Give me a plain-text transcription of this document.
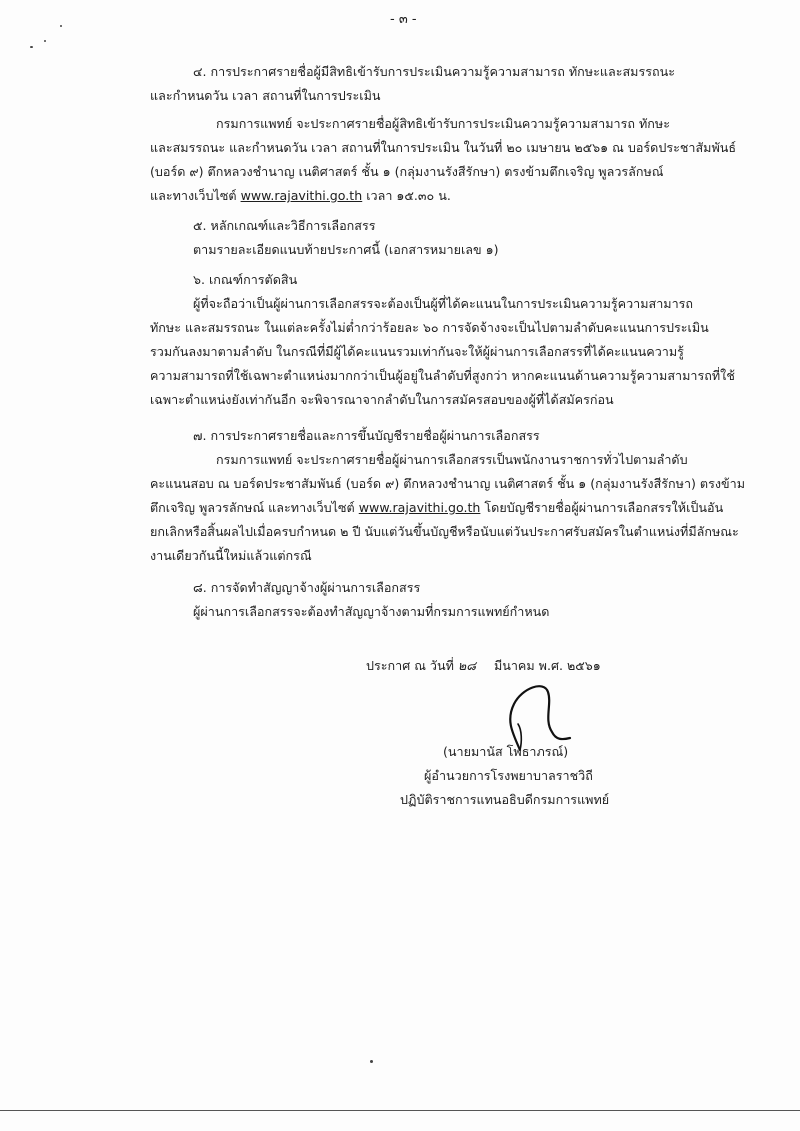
- ๓ -
๔. การประกาศรายชื่อผู้มีสิทธิเข้ารับการประเมินความรู้ความสามารถ ทักษะและสมรรถนะ
และกำหนดวัน เวลา สถานที่ในการประเมิน
กรมการแพทย์ จะประกาศรายชื่อผู้สิทธิเข้ารับการประเมินความรู้ความสามารถ ทักษะ
และสมรรถนะ และกำหนดวัน เวลา สถานที่ในการประเมิน ในวันที่ ๒๐ เมษายน ๒๕๖๑ ณ บอร์ดประชาสัมพันธ์
(บอร์ด ๙) ตึกหลวงชำนาญ เนติศาสตร์ ชั้น ๑ (กลุ่มงานรังสีรักษา) ตรงข้ามตึกเจริญ พูลวรลักษณ์
และทางเว็บไซต์ www.rajavithi.go.th เวลา ๑๕.๓๐ น.
๕. หลักเกณฑ์และวิธีการเลือกสรร
ตามรายละเอียดแนบท้ายประกาศนี้ (เอกสารหมายเลข ๑)
๖. เกณฑ์การตัดสิน
ผู้ที่จะถือว่าเป็นผู้ผ่านการเลือกสรรจะต้องเป็นผู้ที่ได้คะแนนในการประเมินความรู้ความสามารถ
ทักษะ และสมรรถนะ ในแต่ละครั้งไม่ต่ำกว่าร้อยละ ๖๐ การจัดจ้างจะเป็นไปตามลำดับคะแนนการประเมิน
รวมกันลงมาตามลำดับ ในกรณีที่มีผู้ได้คะแนนรวมเท่ากันจะให้ผู้ผ่านการเลือกสรรที่ได้คะแนนความรู้
ความสามารถที่ใช้เฉพาะตำแหน่งมากกว่าเป็นผู้อยู่ในลำดับที่สูงกว่า หากคะแนนด้านความรู้ความสามารถที่ใช้
เฉพาะตำแหน่งยังเท่ากันอีก จะพิจารณาจากลำดับในการสมัครสอบของผู้ที่ได้สมัครก่อน
๗. การประกาศรายชื่อและการขึ้นบัญชีรายชื่อผู้ผ่านการเลือกสรร
กรมการแพทย์ จะประกาศรายชื่อผู้ผ่านการเลือกสรรเป็นพนักงานราชการทั่วไปตามลำดับ
คะแนนสอบ ณ บอร์ดประชาสัมพันธ์ (บอร์ด ๙) ตึกหลวงชำนาญ เนติศาสตร์ ชั้น ๑ (กลุ่มงานรังสีรักษา) ตรงข้าม
ตึกเจริญ พูลวรลักษณ์ และทางเว็บไซต์ www.rajavithi.go.th โดยบัญชีรายชื่อผู้ผ่านการเลือกสรรให้เป็นอัน
ยกเลิกหรือสิ้นผลไปเมื่อครบกำหนด ๒ ปี นับแต่วันขึ้นบัญชีหรือนับแต่วันประกาศรับสมัครในตำแหน่งที่มีลักษณะ
งานเดียวกันนี้ใหม่แล้วแต่กรณี
๘. การจัดทำสัญญาจ้างผู้ผ่านการเลือกสรร
ผู้ผ่านการเลือกสรรจะต้องทำสัญญาจ้างตามที่กรมการแพทย์กำหนด
ประกาศ ณ วันที่ ๒๘ มีนาคม พ.ศ. ๒๕๖๑
(นายมานัส โพธาภรณ์)
ผู้อำนวยการโรงพยาบาลราชวิถี
ปฏิบัติราชการแทนอธิบดีกรมการแพทย์
